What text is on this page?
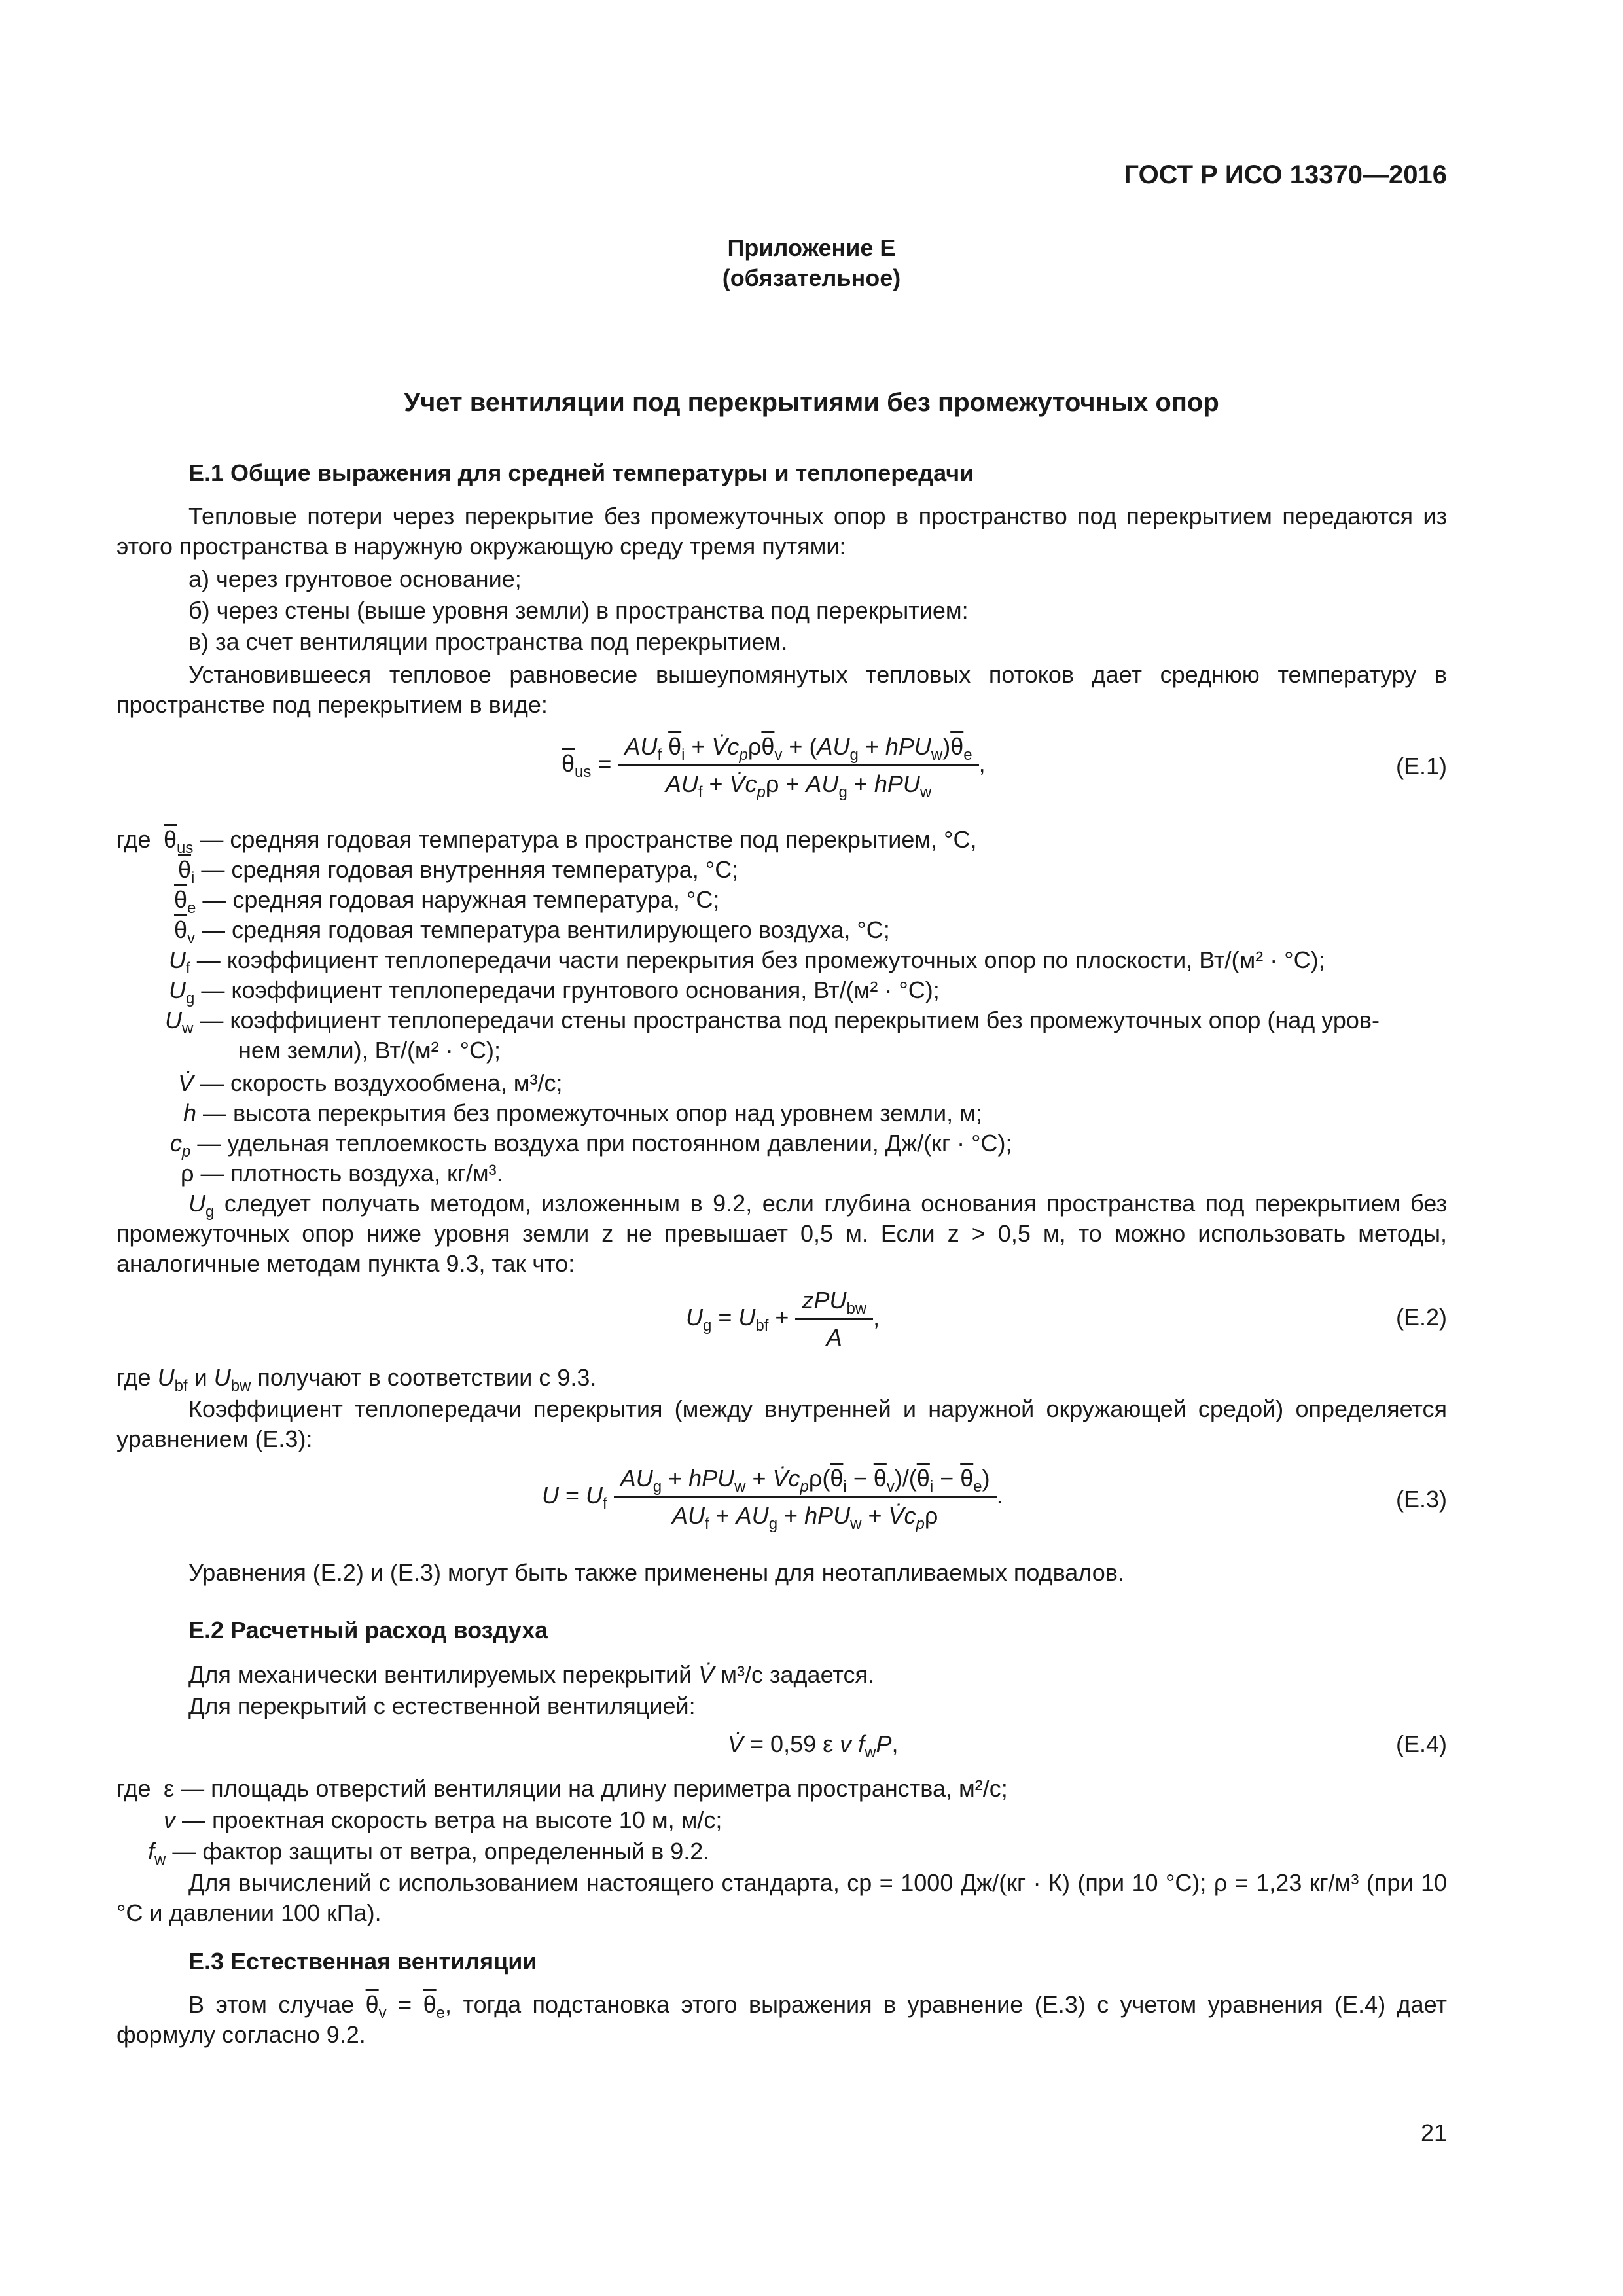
ГОСТ Р ИСО 13370—2016
Приложение Е
(обязательное)
Учет вентиляции под перекрытиями без промежуточных опор
Е.1 Общие выражения для средней температуры и теплопередачи
Тепловые потери через перекрытие без промежуточных опор в пространство под перекрытием передаются из этого пространства в наружную окружающую среду тремя путями:
а) через грунтовое основание;
б) через стены (выше уровня земли) в пространства под перекрытием:
в) за счет вентиляции пространства под перекрытием.
Установившееся тепловое равновесие вышеупомянутых тепловых потоков дает среднюю температуру в пространстве под перекрытием в виде:
$\overline{\theta}_{us} = \frac{AU_f \overline{\theta}_i + V̇c_p\rho\overline{\theta}_v + (AU_g + hPU_w)\overline{\theta}_e}{AU_f + V̇c_p\rho + AU_g + hPU_w}$ ,	(Е.1)
где $\overline{\theta}_{us}$ — средняя годовая температура в пространстве под перекрытием, °С,
$\overline{\theta}_i$ — средняя годовая внутренняя температура, °С;
$\overline{\theta}_e$ — средняя годовая наружная температура, °С;
$\overline{\theta}_v$ — средняя годовая температура вентилирующего воздуха, °С;
$U_f$ — коэффициент теплопередачи части перекрытия без промежуточных опор по плоскости, Вт/(м² · °С);
$U_g$ — коэффициент теплопередачи грунтового основания, Вт/(м² · °С);
$U_w$ — коэффициент теплопередачи стены пространства под перекрытием без промежуточных опор (над уров-
нем земли), Вт/(м² · °С);
V̇ — скорость воздухообмена, м³/с;
h — высота перекрытия без промежуточных опор над уровнем земли, м;
$c_p$ — удельная теплоемкость воздуха при постоянном давлении, Дж/(кг · °С);
ρ — плотность воздуха, кг/м³.
$U_g$ следует получать методом, изложенным в 9.2, если глубина основания пространства под перекрытием без промежуточных опор ниже уровня земли z не превышает 0,5 м. Если z > 0,5 м, то можно использовать методы, аналогичные методам пункта 9.3, так что:
$U_g = U_{bf} + \frac{zPU_{bw}}{A}$ ,	(Е.2)
где $U_{bf}$ и $U_{bw}$ получают в соответствии с 9.3.
Коэффициент теплопередачи перекрытия (между внутренней и наружной окружающей средой) определяется уравнением (Е.3):
$U = U_f \frac{AU_g + hPU_w + V̇c_p\rho(\overline{\theta}_i - \overline{\theta}_v)/(\overline{\theta}_i - \overline{\theta}_e)}{AU_f + AU_g + hPU_w + V̇c_p\rho}$ .	(Е.3)
Уравнения (Е.2) и (Е.3) могут быть также применены для неотапливаемых подвалов.
Е.2 Расчетный расход воздуха
Для механически вентилируемых перекрытий V̇ м³/с задается.
Для перекрытий с естественной вентиляцией:
V̇ = 0,59 ε v $f_wP$,	(Е.4)
где ε — площадь отверстий вентиляции на длину периметра пространства, м²/с;
v — проектная скорость ветра на высоте 10 м, м/с;
$f_w$ — фактор защиты от ветра, определенный в 9.2.
Для вычислений с использованием настоящего стандарта, cp = 1000 Дж/(кг · К) (при 10 °С); ρ = 1,23 кг/м³ (при 10 °С и давлении 100 кПа).
Е.3 Естественная вентиляции
В этом случае $\overline{\theta}_v = \overline{\theta}_e$, тогда подстановка этого выражения в уравнение (Е.3) с учетом уравнения (Е.4) дает формулу согласно 9.2.
21
